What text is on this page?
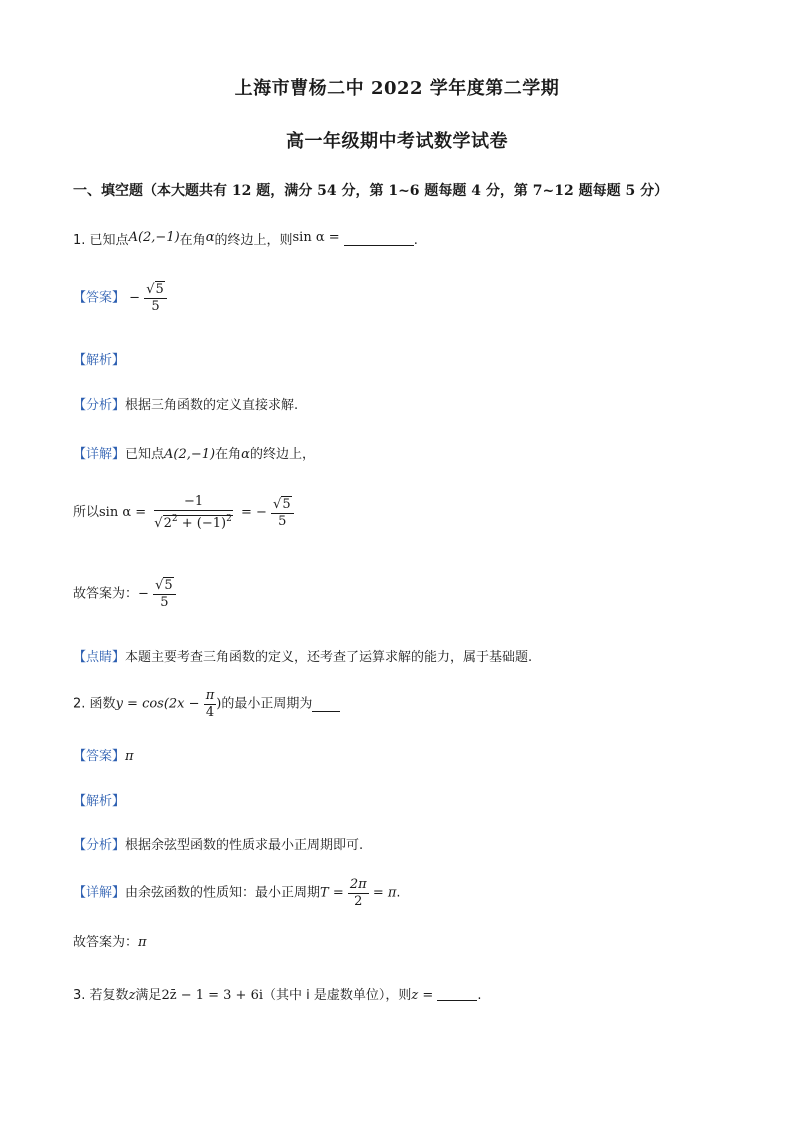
上海市曹杨二中 2022 学年度第二学期
高一年级期中考试数学试卷
一、填空题（本大题共有 12 题，满分 54 分，第 1~6 题每题 4 分，第 7~12 题每题 5 分）
1. 已知点A(2,−1)在角α的终边上，则sin α =	.
【答案】 − $\frac{√5}{5}$
【解析】
【分析】根据三角函数的定义直接求解.
【详解】已知点A(2,−1)在角α的终边上，
所以$\sin \alpha = \frac{-1}{√2^2 + (-1)^2}$ = − $\frac{√5}{5}$
故答案为：− $\frac{√5}{5}$
【点睛】本题主要考查三角函数的定义，还考查了运算求解的能力，属于基础题.
2. 函数$y = \cos(2x - \frac{\pi}{4}$ )的最小正周期为
【答案】π
【解析】
【分析】根据余弦型函数的性质求最小正周期即可.
【详解】由余弦函数的性质知：最小正周期$T = \frac{2\pi}{2} = \pi$.
故答案为：π
3. 若复数z满足2z̄ − 1 = 3 + 6i（其中 i 是虚数单位），则z =	.
